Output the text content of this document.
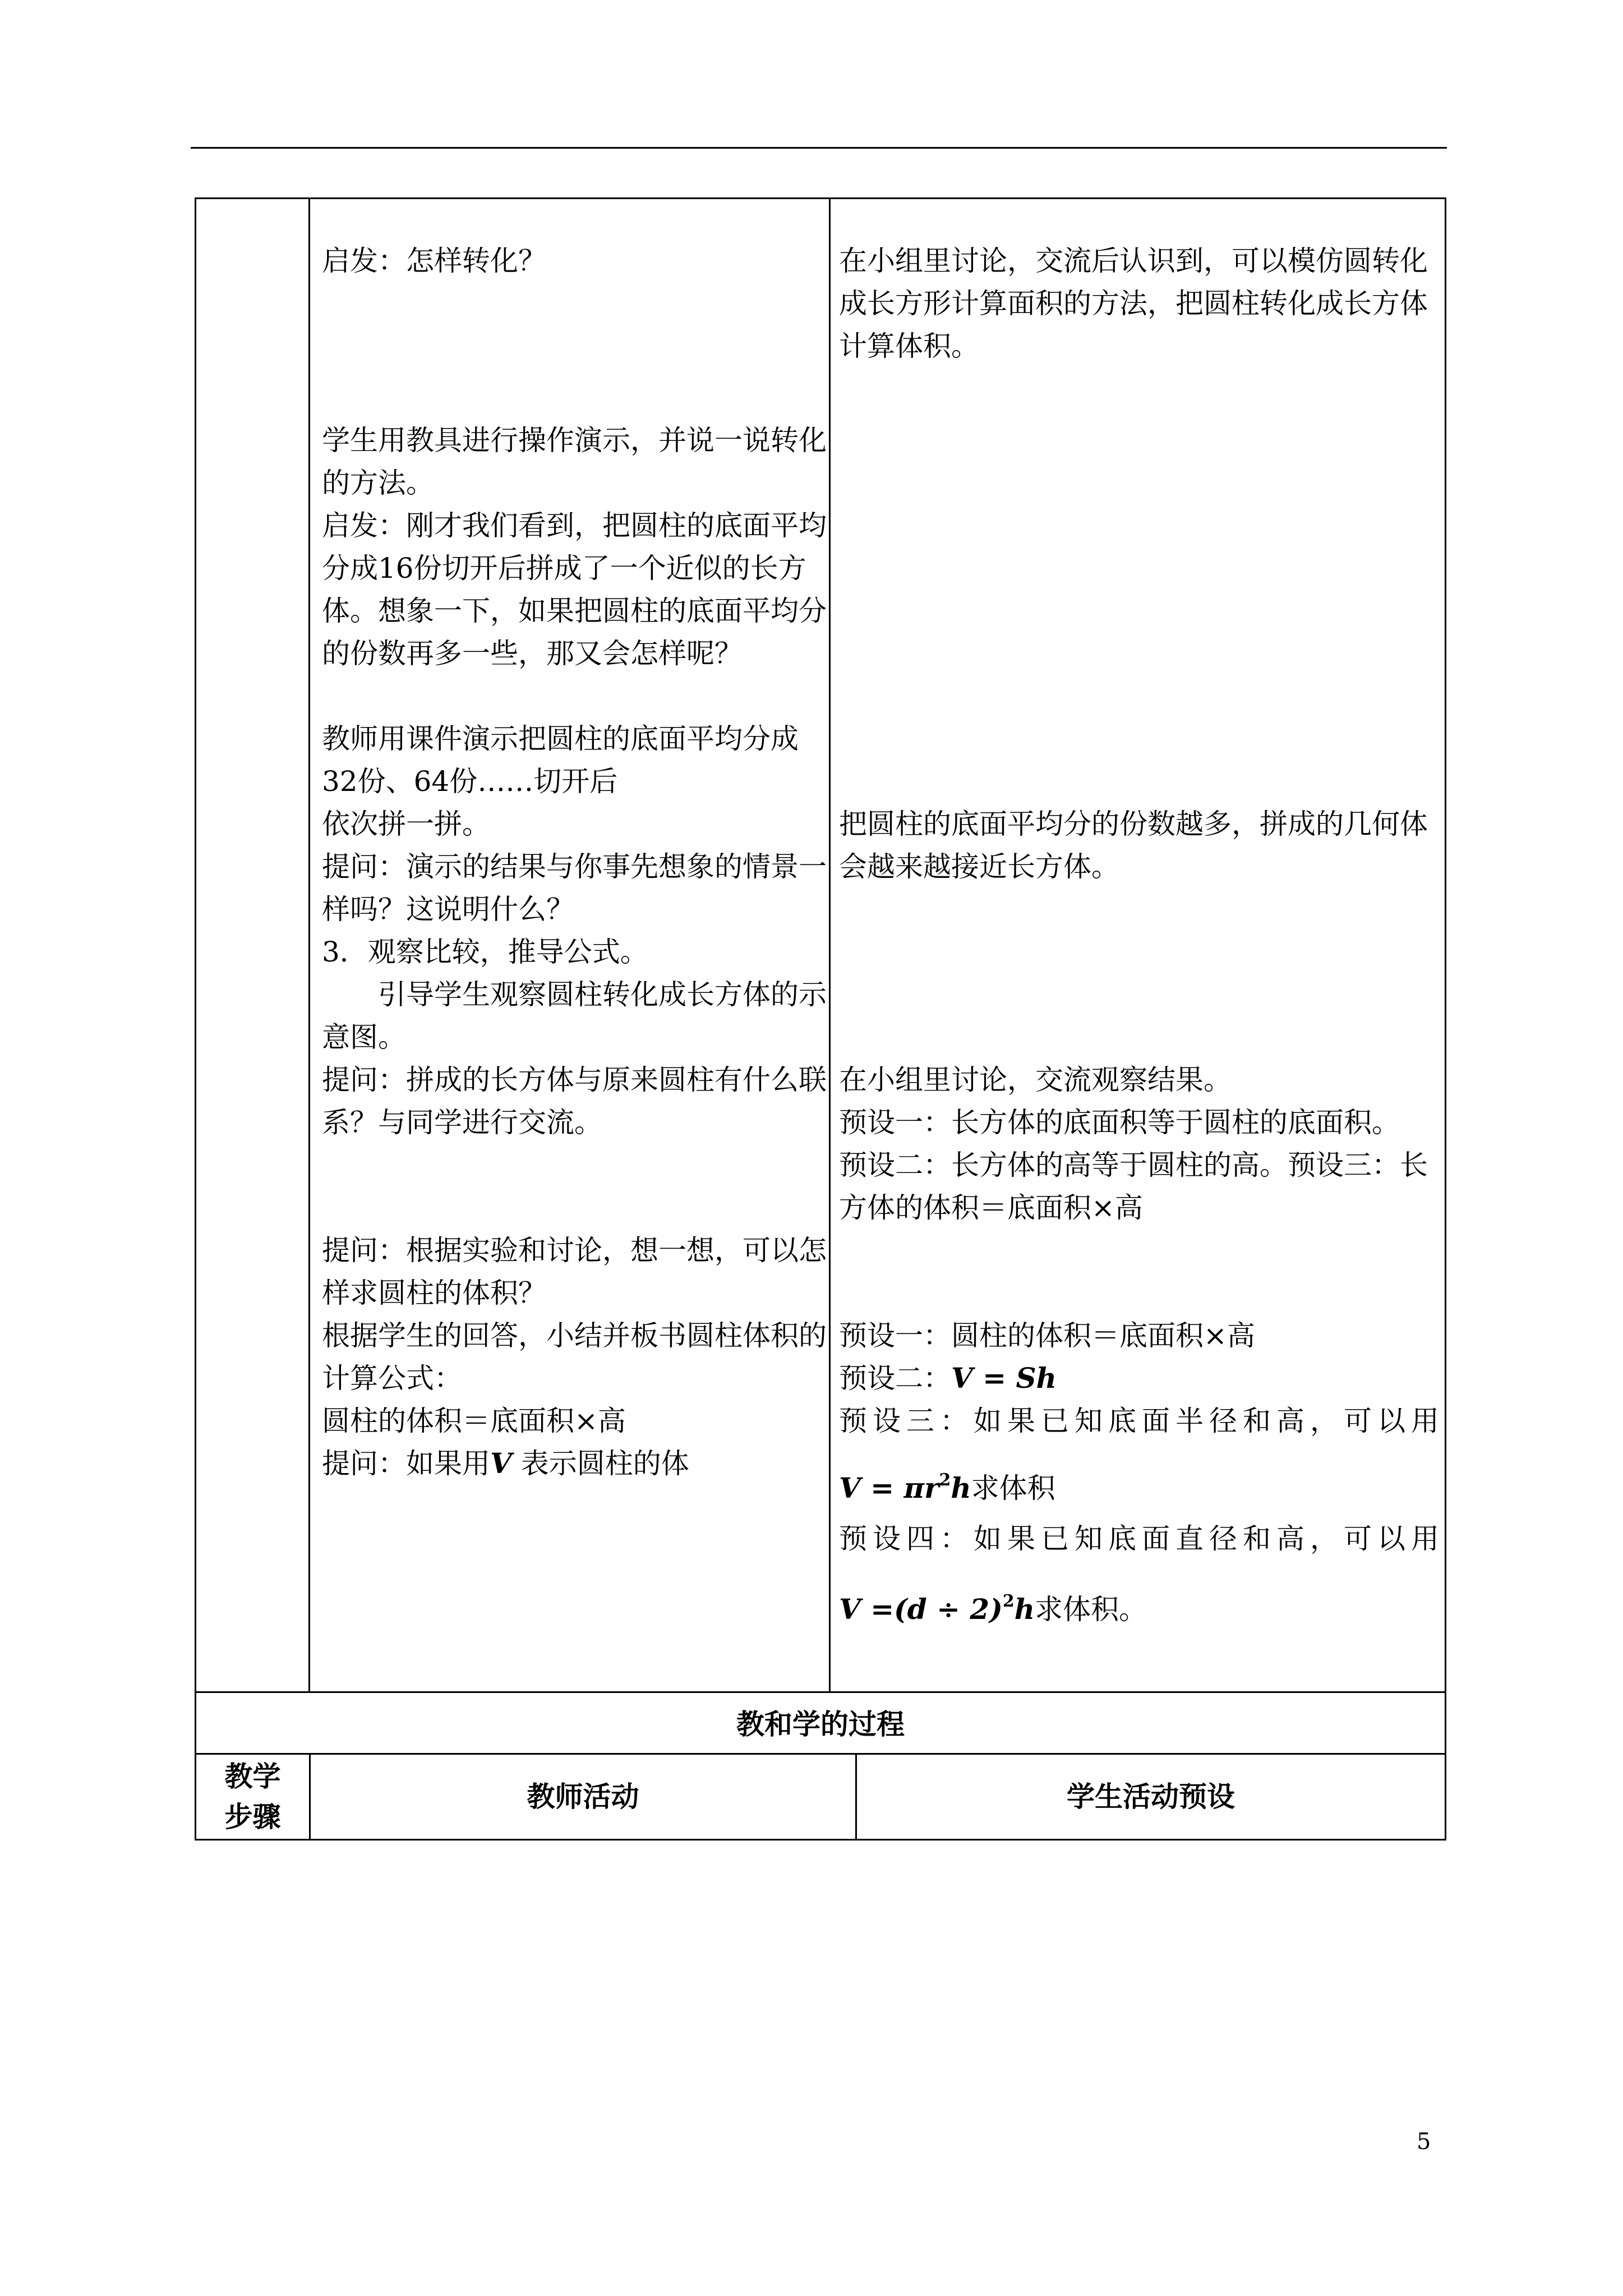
启发：怎样转化？

学生用教具进行操作演示，并说一说转化的方法。

启发：刚才我们看到，把圆柱的底面平均分成16份切开后拼成了一个近似的长方体。想象一下，如果把圆柱的底面平均分的份数再多一些，那又会怎样呢？

教师用课件演示把圆柱的底面平均分成32份、64份……切开后

依次拼一拼。

提问：演示的结果与你事先想象的情景一样吗？这说明什么？

3．观察比较，推导公式。

引导学生观察圆柱转化成长方体的示意图。

提问：拼成的长方体与原来圆柱有什么联系？与同学进行交流。

提问：根据实验和讨论，想一想，可以怎样求圆柱的体积？

根据学生的回答，小结并板书圆柱体积的计算公式：

圆柱的体积＝底面积×高

提问：如果用V 表示圆柱的体

在小组里讨论，交流后认识到，可以模仿圆转化成长方形计算面积的方法，把圆柱转化成长方体计算体积。

把圆柱的底面平均分的份数越多，拼成的几何体会越来越接近长方体。

在小组里讨论，交流观察结果。

预设一：长方体的底面积等于圆柱的底面积。

预设二：长方体的高等于圆柱的高。预设三：长方体的体积＝底面积×高

预设一：圆柱的体积＝底面积×高

预设二：V = Sh

预设三：如果已知底面半径和高，可以用

$V = \pi r^2h$求体积

预设四：如果已知底面直径和高，可以用

$V =(d \div 2)^2h$求体积。

教和学的过程
教学
步骤
教师活动	学生活动预设
5
